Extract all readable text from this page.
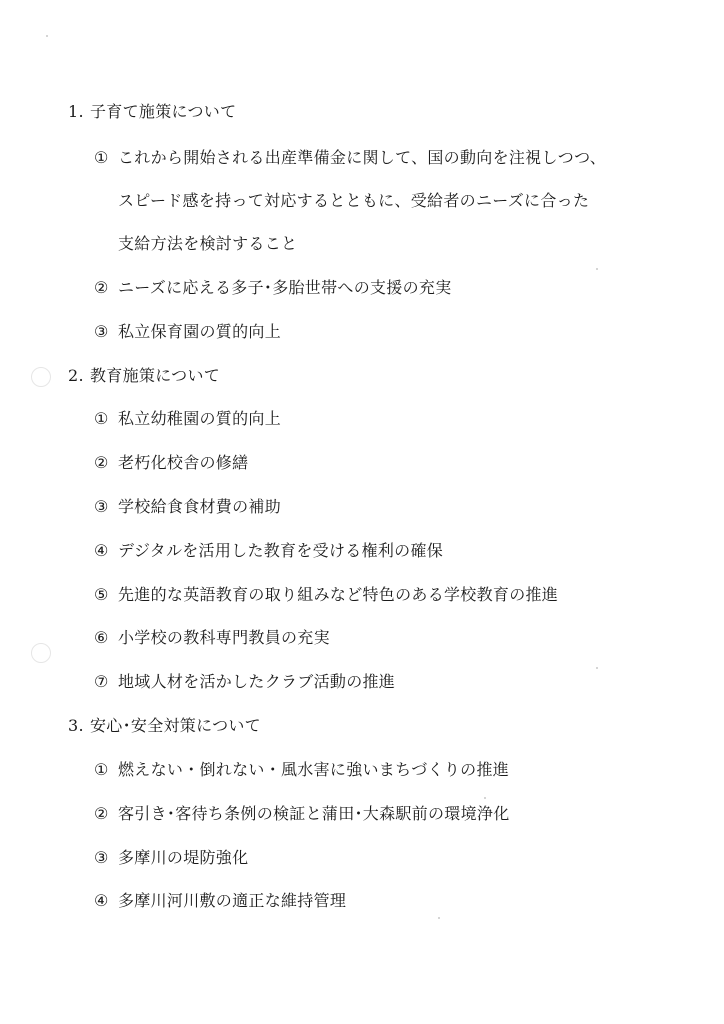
1. 子育て施策について
① これから開始される出産準備金に関して、国の動向を注視しつつ、
スピード感を持って対応するとともに、受給者のニーズに合った
支給方法を検討すること
② ニーズに応える多子･多胎世帯への支援の充実
③ 私立保育園の質的向上
2. 教育施策について
① 私立幼稚園の質的向上
② 老朽化校舎の修繕
③ 学校給食食材費の補助
④ デジタルを活用した教育を受ける権利の確保
⑤ 先進的な英語教育の取り組みなど特色のある学校教育の推進
⑥ 小学校の教科専門教員の充実
⑦ 地域人材を活かしたクラブ活動の推進
3. 安心･安全対策について
① 燃えない・倒れない・風水害に強いまちづくりの推進
② 客引き･客待ち条例の検証と蒲田･大森駅前の環境浄化
③ 多摩川の堤防強化
④ 多摩川河川敷の適正な維持管理
